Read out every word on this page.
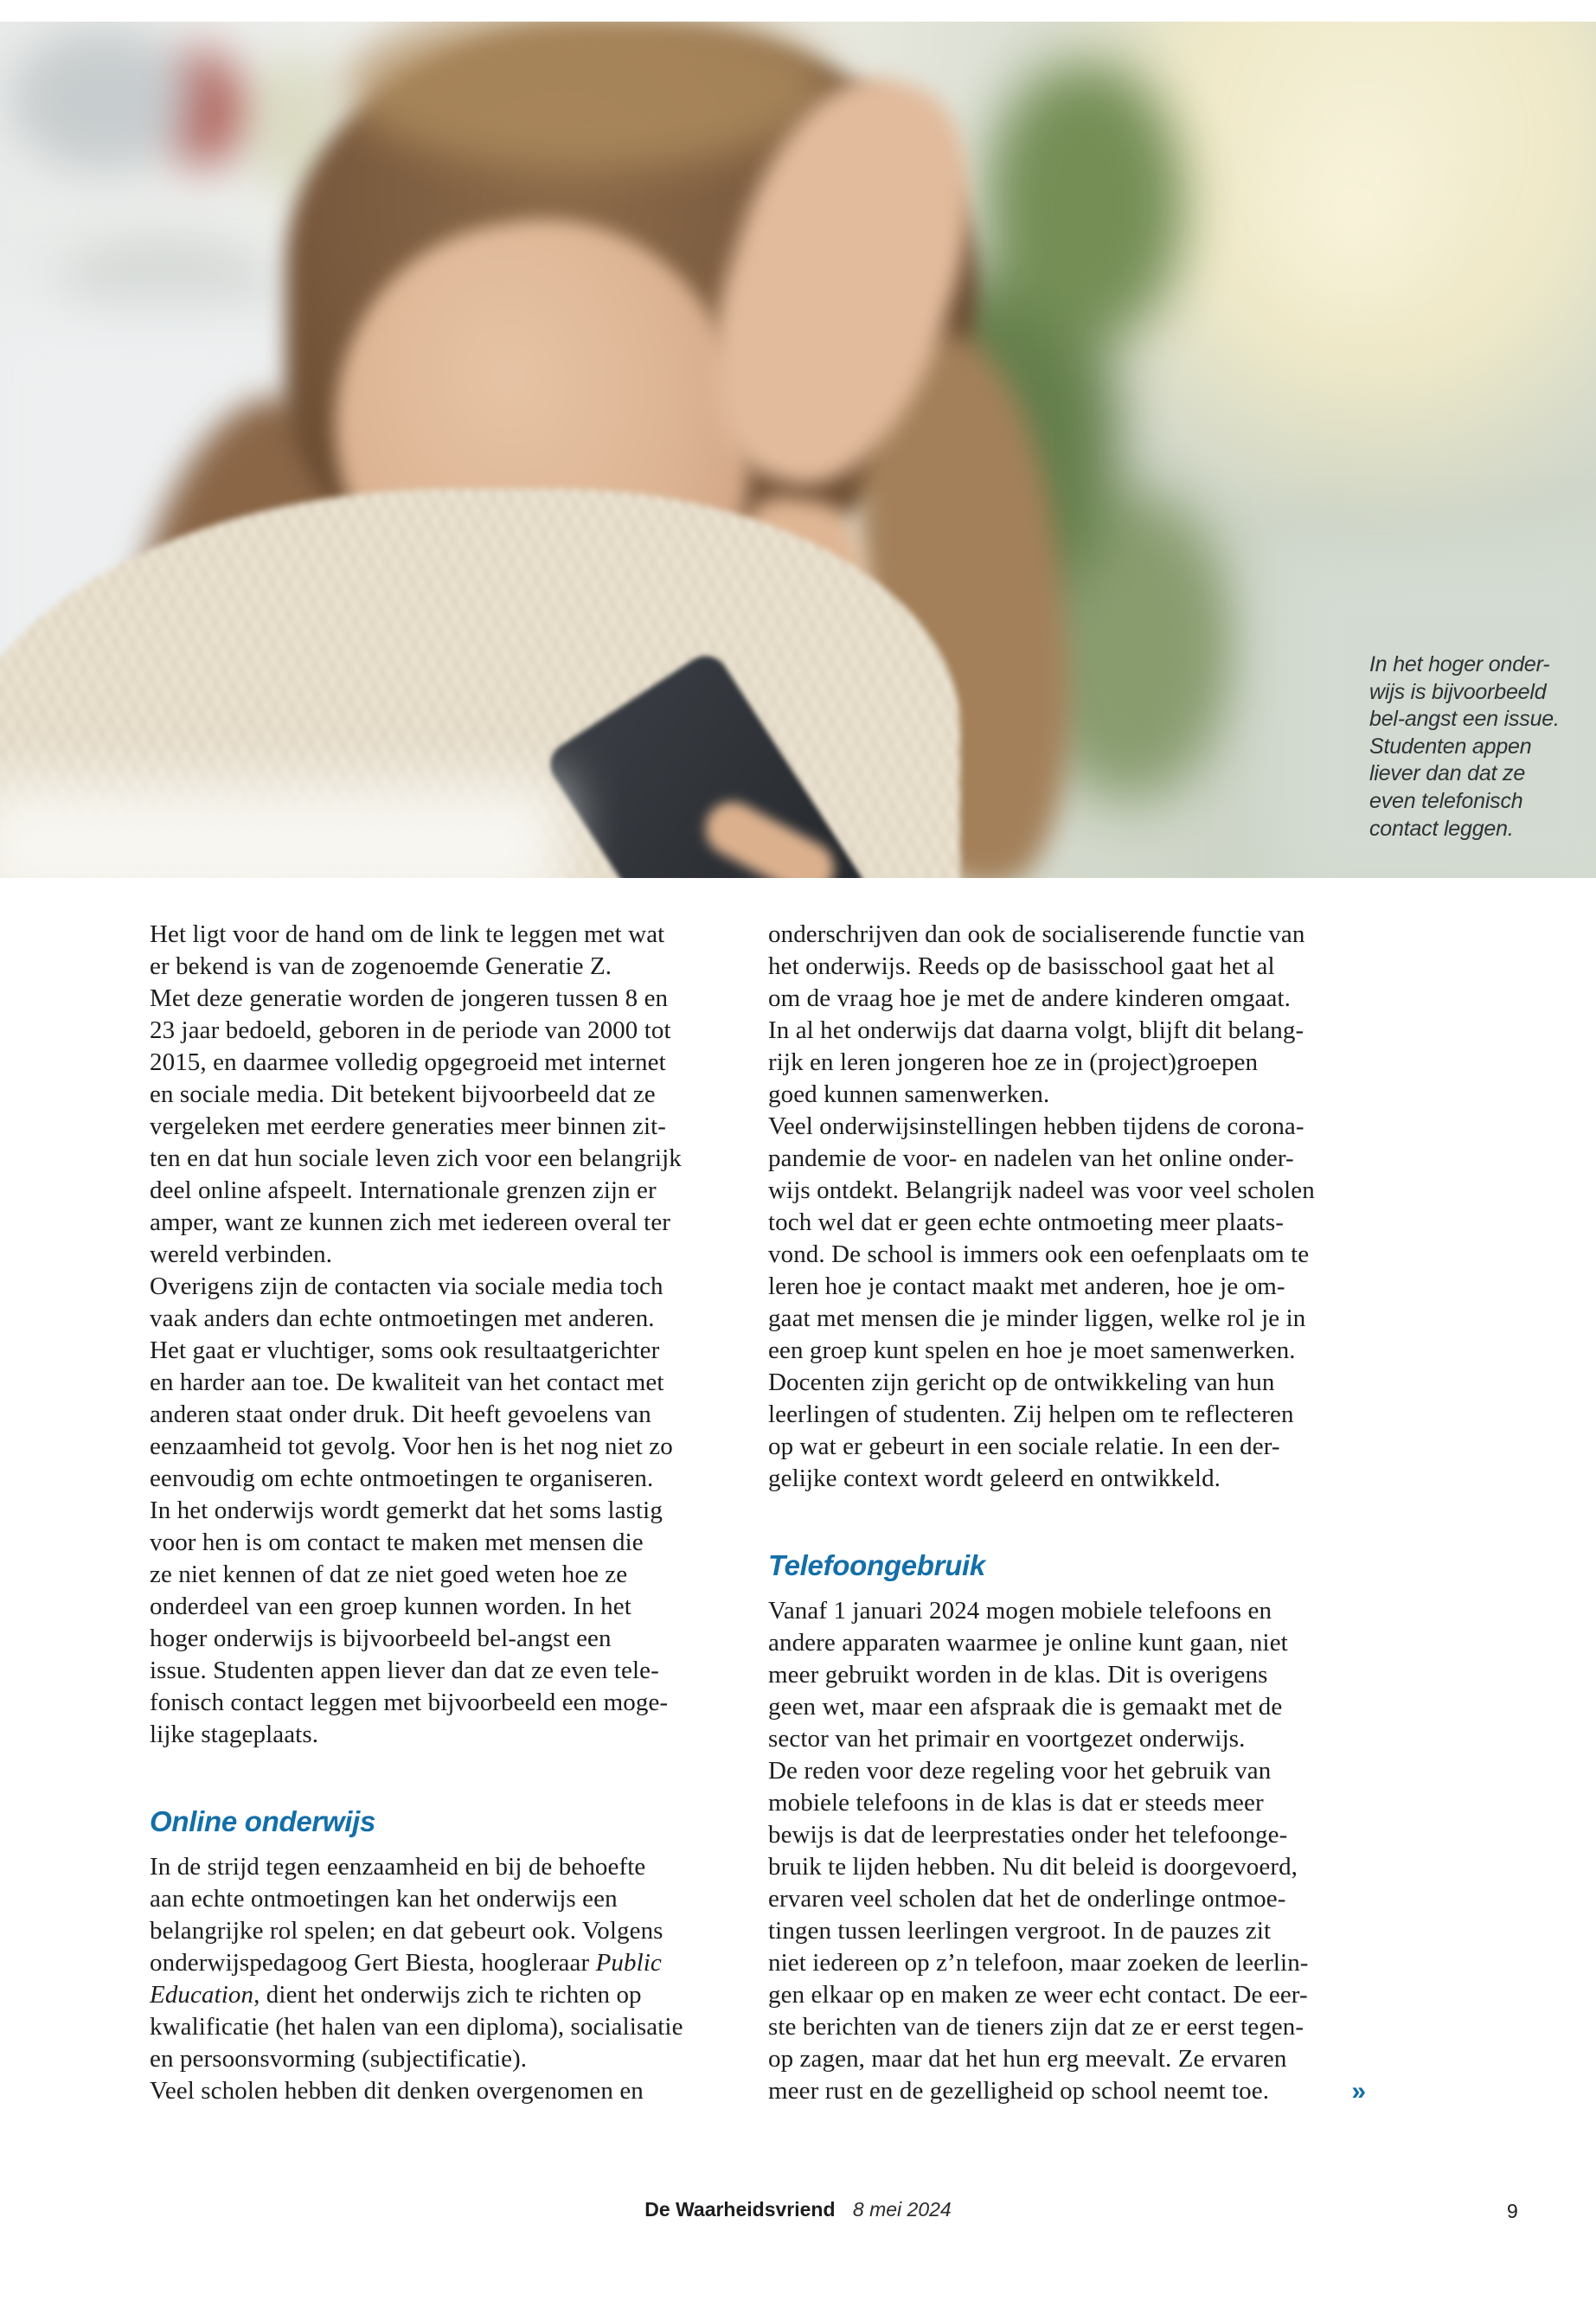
In het hoger onder-
wijs is bijvoorbeeld
bel-angst een issue.
Studenten appen
liever dan dat ze
even telefonisch
contact leggen.
Het ligt voor de hand om de link te leggen met wat
er bekend is van de zogenoemde Generatie Z.
Met deze generatie worden de jongeren tussen 8 en
23 jaar bedoeld, geboren in de periode van 2000 tot
2015, en daarmee volledig opgegroeid met internet
en sociale media. Dit betekent bijvoorbeeld dat ze
vergeleken met eerdere generaties meer binnen zit-
ten en dat hun sociale leven zich voor een belangrijk
deel online afspeelt. Internationale grenzen zijn er
amper, want ze kunnen zich met iedereen overal ter
wereld verbinden.
Overigens zijn de contacten via sociale media toch
vaak anders dan echte ontmoetingen met anderen.
Het gaat er vluchtiger, soms ook resultaatgerichter
en harder aan toe. De kwaliteit van het contact met
anderen staat onder druk. Dit heeft gevoelens van
eenzaamheid tot gevolg. Voor hen is het nog niet zo
eenvoudig om echte ontmoetingen te organiseren.
In het onderwijs wordt gemerkt dat het soms lastig
voor hen is om contact te maken met mensen die
ze niet kennen of dat ze niet goed weten hoe ze
onderdeel van een groep kunnen worden. In het
hoger onderwijs is bijvoorbeeld bel-angst een
issue. Studenten appen liever dan dat ze even tele-
fonisch contact leggen met bijvoorbeeld een moge-
lijke stageplaats.
Online onderwijs
In de strijd tegen eenzaamheid en bij de behoefte
aan echte ontmoetingen kan het onderwijs een
belangrijke rol spelen; en dat gebeurt ook. Volgens
onderwijspedagoog Gert Biesta, hoogleraar Public
Education, dient het onderwijs zich te richten op
kwalificatie (het halen van een diploma), socialisatie
en persoonsvorming (subjectificatie).
Veel scholen hebben dit denken overgenomen en
onderschrijven dan ook de socialiserende functie van
het onderwijs. Reeds op de basisschool gaat het al
om de vraag hoe je met de andere kinderen omgaat.
In al het onderwijs dat daarna volgt, blijft dit belang-
rijk en leren jongeren hoe ze in (project)groepen
goed kunnen samenwerken.
Veel onderwijsinstellingen hebben tijdens de corona-
pandemie de voor- en nadelen van het online onder-
wijs ontdekt. Belangrijk nadeel was voor veel scholen
toch wel dat er geen echte ontmoeting meer plaats-
vond. De school is immers ook een oefenplaats om te
leren hoe je contact maakt met anderen, hoe je om-
gaat met mensen die je minder liggen, welke rol je in
een groep kunt spelen en hoe je moet samenwerken.
Docenten zijn gericht op de ontwikkeling van hun
leerlingen of studenten. Zij helpen om te reflecteren
op wat er gebeurt in een sociale relatie. In een der-
gelijke context wordt geleerd en ontwikkeld.
Telefoongebruik
Vanaf 1 januari 2024 mogen mobiele telefoons en
andere apparaten waarmee je online kunt gaan, niet
meer gebruikt worden in de klas. Dit is overigens
geen wet, maar een afspraak die is gemaakt met de
sector van het primair en voortgezet onderwijs.
De reden voor deze regeling voor het gebruik van
mobiele telefoons in de klas is dat er steeds meer
bewijs is dat de leerprestaties onder het telefoonge-
bruik te lijden hebben. Nu dit beleid is doorgevoerd,
ervaren veel scholen dat het de onderlinge ontmoe-
tingen tussen leerlingen vergroot. In de pauzes zit
niet iedereen op z’n telefoon, maar zoeken de leerlin-
gen elkaar op en maken ze weer echt contact. De eer-
ste berichten van de tieners zijn dat ze er eerst tegen-
op zagen, maar dat het hun erg meevalt. Ze ervaren
meer rust en de gezelligheid op school neemt toe.	»
De Waarheidsvriend 8 mei 2024	9
